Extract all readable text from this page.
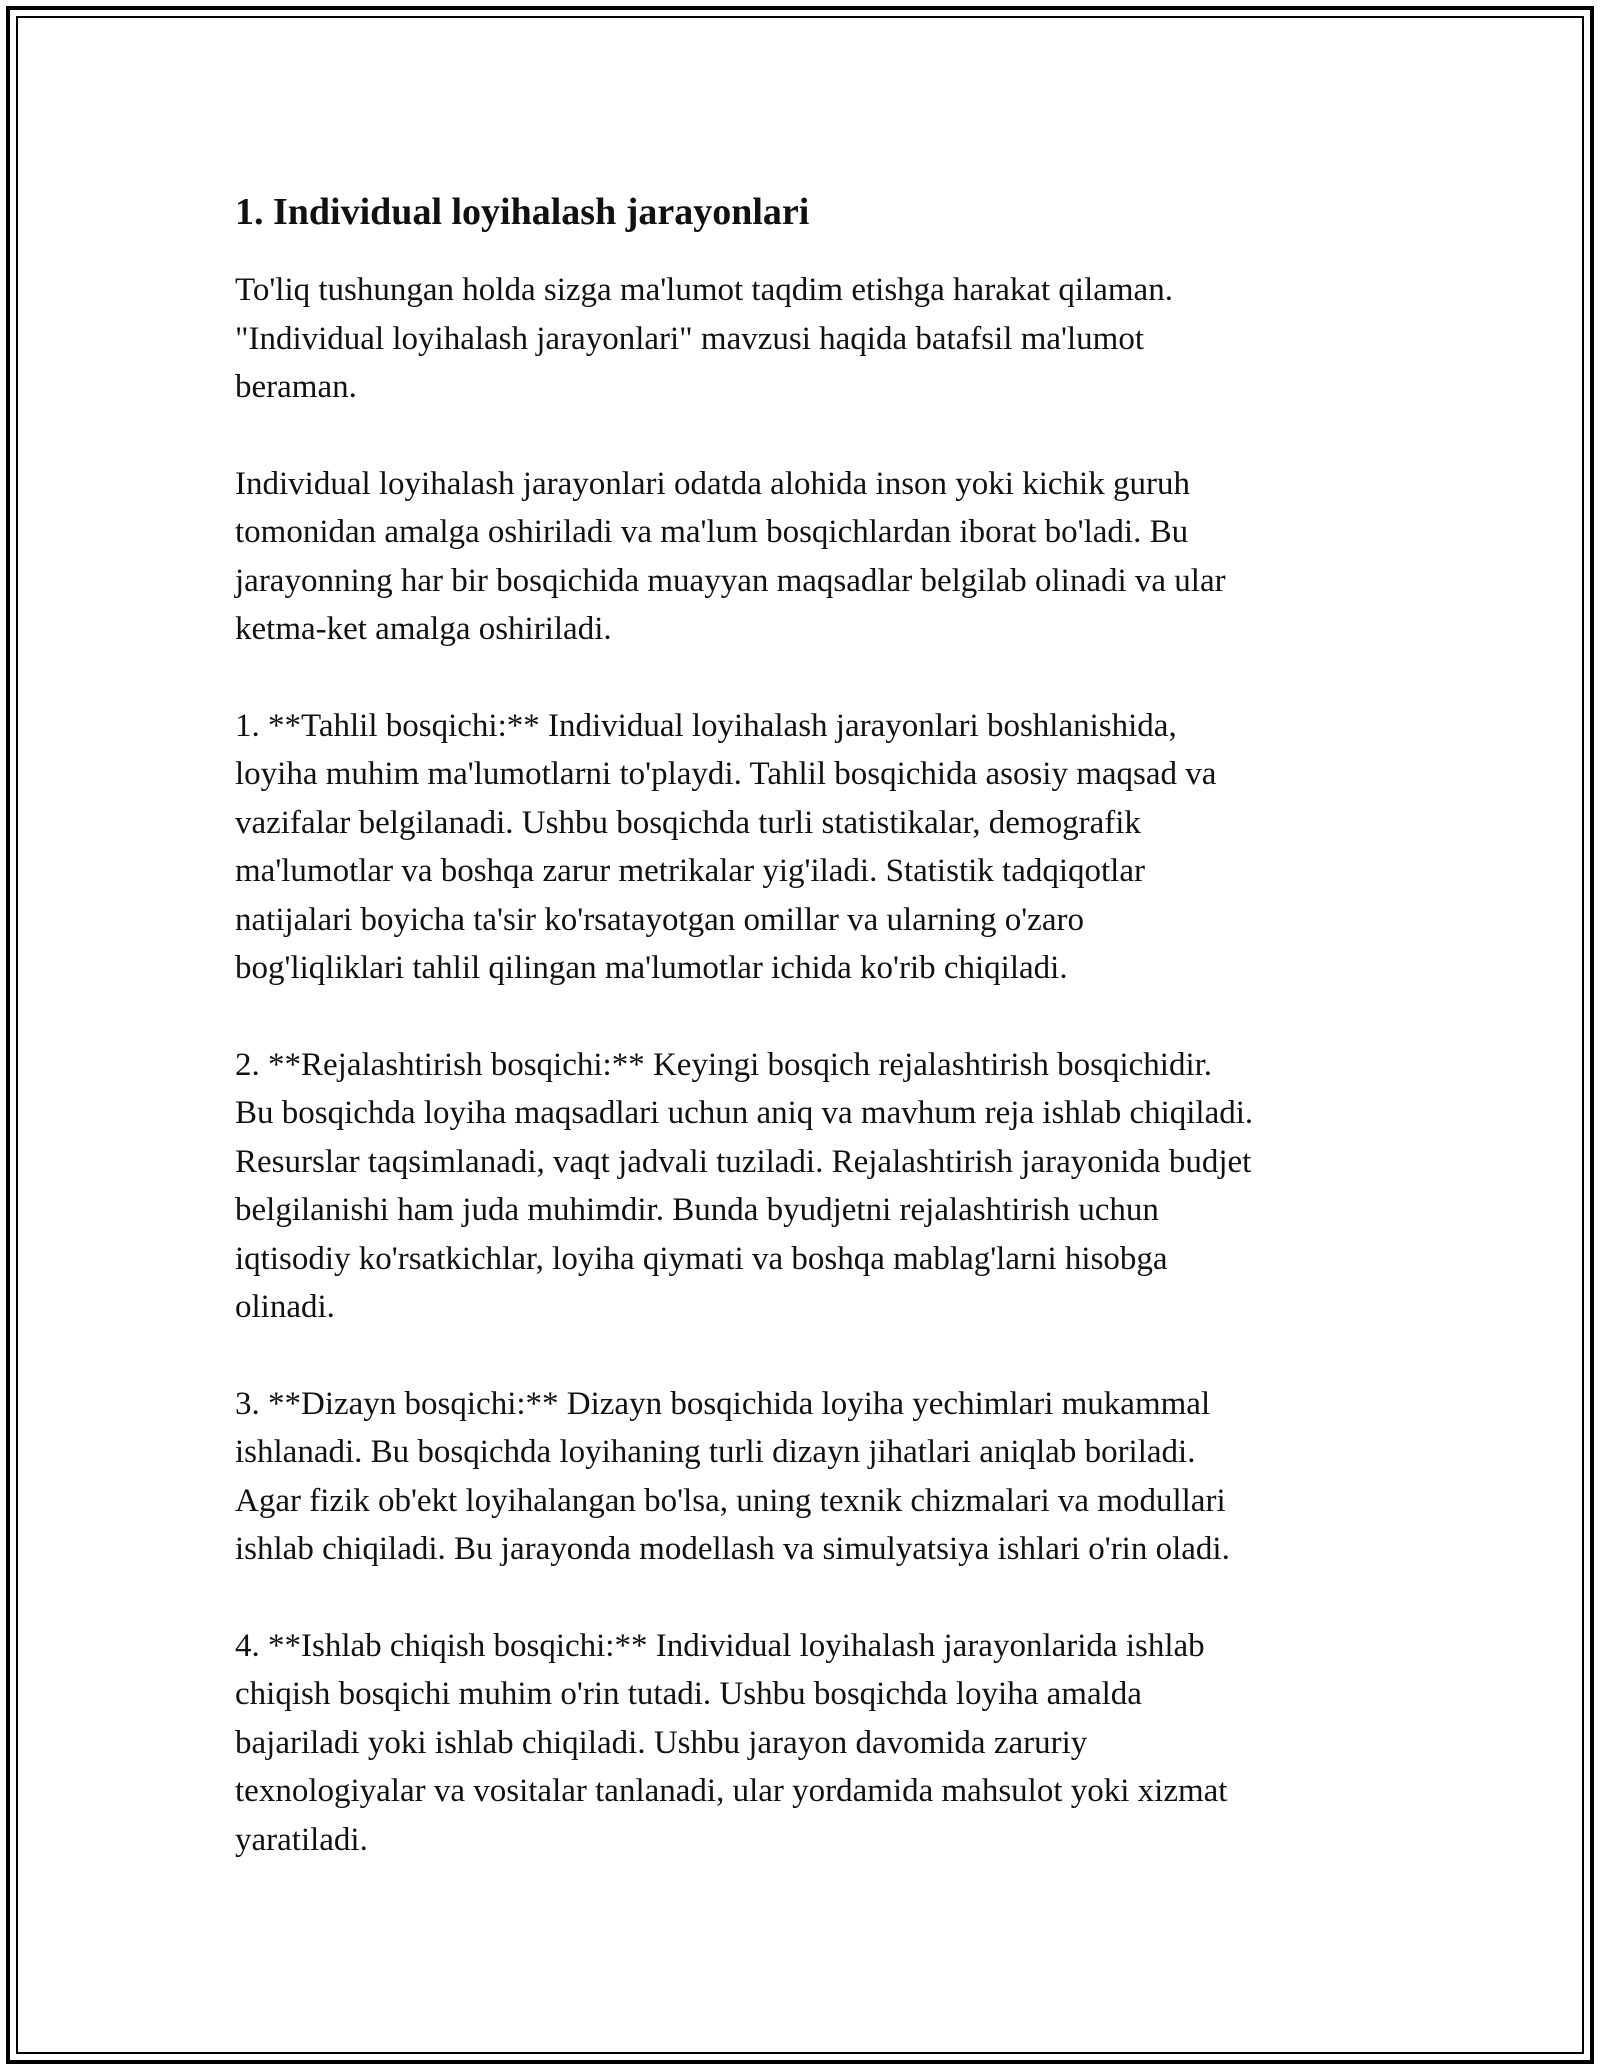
1. Individual loyihalash jarayonlari

To'liq tushungan holda sizga ma'lumot taqdim etishga harakat qilaman.
"Individual loyihalash jarayonlari" mavzusi haqida batafsil ma'lumot
beraman.

Individual loyihalash jarayonlari odatda alohida inson yoki kichik guruh
tomonidan amalga oshiriladi va ma'lum bosqichlardan iborat bo'ladi. Bu
jarayonning har bir bosqichida muayyan maqsadlar belgilab olinadi va ular
ketma-ket amalga oshiriladi.

1. **Tahlil bosqichi:** Individual loyihalash jarayonlari boshlanishida,
loyiha muhim ma'lumotlarni to'playdi. Tahlil bosqichida asosiy maqsad va
vazifalar belgilanadi. Ushbu bosqichda turli statistikalar, demografik
ma'lumotlar va boshqa zarur metrikalar yig'iladi. Statistik tadqiqotlar
natijalari boyicha ta'sir ko'rsatayotgan omillar va ularning o'zaro
bog'liqliklari tahlil qilingan ma'lumotlar ichida ko'rib chiqiladi.

2. **Rejalashtirish bosqichi:** Keyingi bosqich rejalashtirish bosqichidir.
Bu bosqichda loyiha maqsadlari uchun aniq va mavhum reja ishlab chiqiladi.
Resurslar taqsimlanadi, vaqt jadvali tuziladi. Rejalashtirish jarayonida budjet
belgilanishi ham juda muhimdir. Bunda byudjetni rejalashtirish uchun
iqtisodiy ko'rsatkichlar, loyiha qiymati va boshqa mablag'larni hisobga
olinadi.

3. **Dizayn bosqichi:** Dizayn bosqichida loyiha yechimlari mukammal
ishlanadi. Bu bosqichda loyihaning turli dizayn jihatlari aniqlab boriladi.
Agar fizik ob'ekt loyihalangan bo'lsa, uning texnik chizmalari va modullari
ishlab chiqiladi. Bu jarayonda modellash va simulyatsiya ishlari o'rin oladi.

4. **Ishlab chiqish bosqichi:** Individual loyihalash jarayonlarida ishlab
chiqish bosqichi muhim o'rin tutadi. Ushbu bosqichda loyiha amalda
bajariladi yoki ishlab chiqiladi. Ushbu jarayon davomida zaruriy
texnologiyalar va vositalar tanlanadi, ular yordamida mahsulot yoki xizmat
yaratiladi.
